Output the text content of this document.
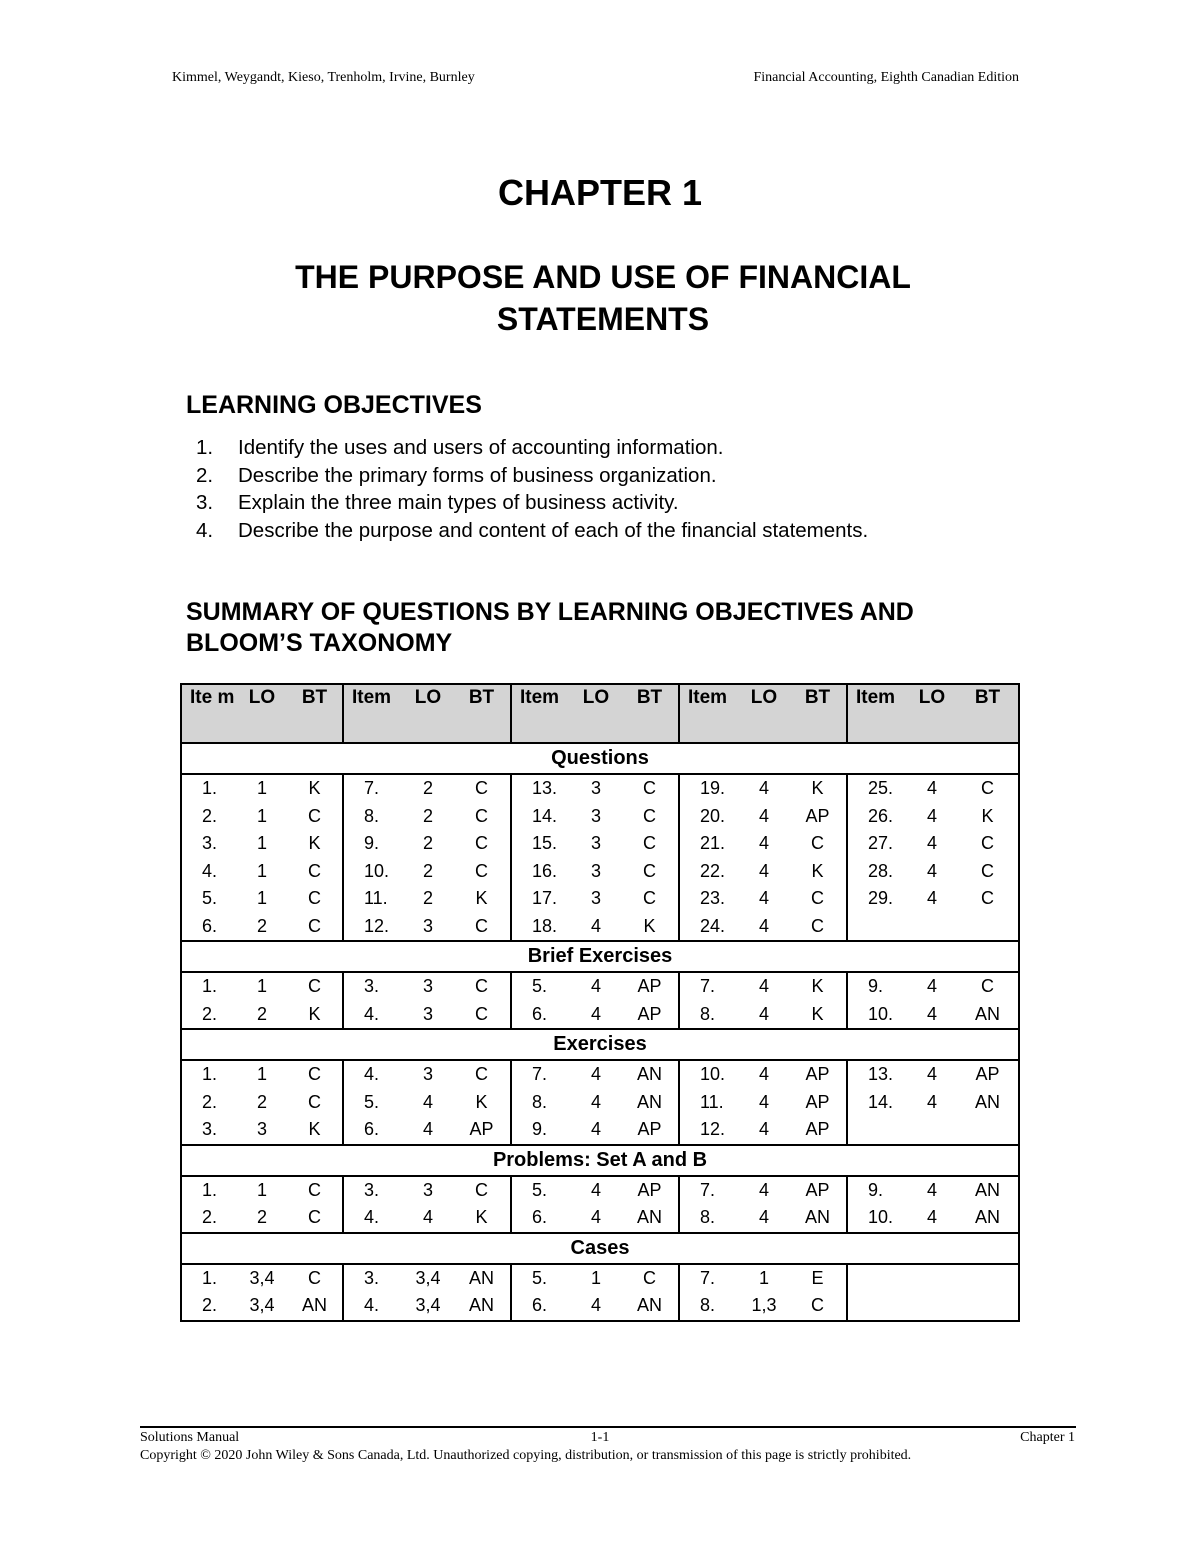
Kimmel, Weygandt, Kieso, Trenholm, Irvine, Burnley	Financial Accounting, Eighth Canadian Edition
CHAPTER 1
THE PURPOSE AND USE OF FINANCIAL STATEMENTS
LEARNING OBJECTIVES
1.	Identify the uses and users of accounting information.
2.	Describe the primary forms of business organization.
3.	Explain the three main types of business activity.
4.	Describe the purpose and content of each of the financial statements.
SUMMARY OF QUESTIONS BY LEARNING OBJECTIVES AND BLOOM’S TAXONOMY
Ite m	LO	BT	Item	LO	BT	Item	LO	BT	Item	LO	BT	Item	LO	BT
Questions														
1.	1	K	7.	2	C	13.	3	C	19.	4	K	25.	4	C
2.	1	C	8.	2	C	14.	3	C	20.	4	AP	26.	4	K
3.	1	K	9.	2	C	15.	3	C	21.	4	C	27.	4	C
4.	1	C	10.	2	C	16.	3	C	22.	4	K	28.	4	C
5.	1	C	11.	2	K	17.	3	C	23.	4	C	29.	4	C
6.	2	C	12.	3	C	18.	4	K	24.	4	C			
Brief Exercises														
1.	1	C	3.	3	C	5.	4	AP	7.	4	K	9.	4	C
2.	2	K	4.	3	C	6.	4	AP	8.	4	K	10.	4	AN
Exercises														
1.	1	C	4.	3	C	7.	4	AN	10.	4	AP	13.	4	AP
2.	2	C	5.	4	K	8.	4	AN	11.	4	AP	14.	4	AN
3.	3	K	6.	4	AP	9.	4	AP	12.	4	AP			
Problems: Set A and B														
1.	1	C	3.	3	C	5.	4	AP	7.	4	AP	9.	4	AN
2.	2	C	4.	4	K	6.	4	AN	8.	4	AN	10.	4	AN
Cases														
1.	3,4	C	3.	3,4	AN	5.	1	C	7.	1	E			
2.	3,4	AN	4.	3,4	AN	6.	4	AN	8.	1,3	C			
Solutions Manual	1-1	Chapter 1
Copyright © 2020 John Wiley & Sons Canada, Ltd. Unauthorized copying, distribution, or transmission of this page is strictly prohibited.
